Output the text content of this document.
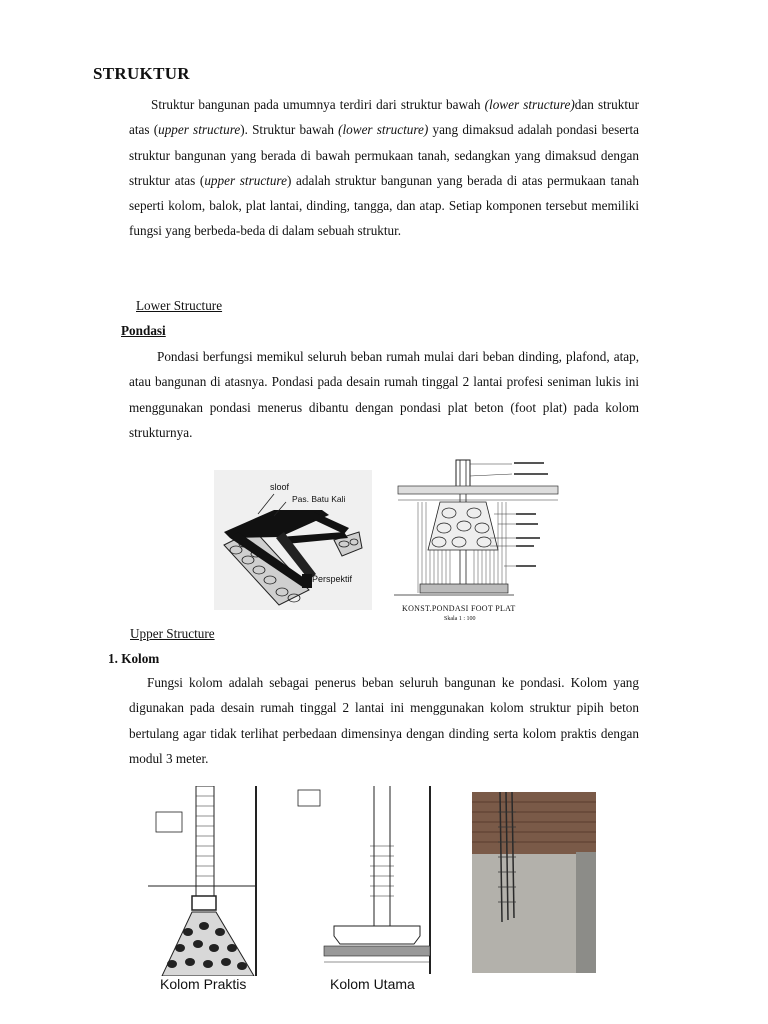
STRUKTUR
Struktur bangunan pada umumnya terdiri dari struktur bawah (lower structure)dan struktur atas (upper structure). Struktur bawah (lower structure) yang dimaksud adalah pondasi beserta struktur bangunan yang berada di bawah permukaan tanah, sedangkan yang dimaksud dengan struktur atas (upper structure) adalah struktur bangunan yang berada di atas permukaan tanah seperti kolom, balok, plat lantai, dinding, tangga, dan atap. Setiap komponen tersebut memiliki fungsi yang berbeda-beda di dalam sebuah struktur.
Lower Structure
Pondasi
Pondasi berfungsi memikul seluruh beban rumah mulai dari beban dinding, plafond, atap, atau bangunan di atasnya. Pondasi pada desain rumah tinggal 2 lantai profesi seniman lukis ini menggunakan pondasi menerus dibantu dengan pondasi plat beton (foot plat) pada kolom strukturnya.
sloof
Pas. Batu Kali
Perspektif
KONST.PONDASI FOOT PLAT
Skala 1 : 100
Upper Structure
1. Kolom
Fungsi kolom adalah sebagai penerus beban seluruh bangunan ke pondasi. Kolom yang digunakan pada desain rumah tinggal 2 lantai ini menggunakan kolom struktur pipih beton bertulang agar tidak terlihat perbedaan dimensinya dengan dinding serta kolom praktis dengan modul 3 meter.
Kolom Praktis	Kolom Utama
